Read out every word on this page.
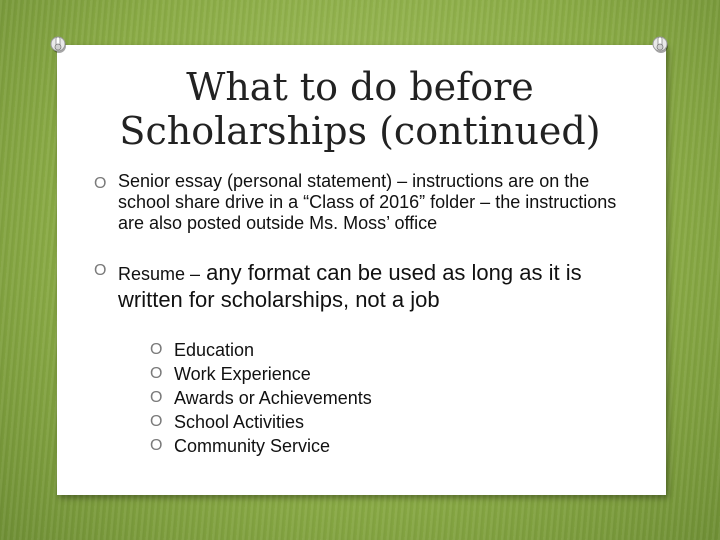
What to do before
Scholarships (continued)
O Senior essay (personal statement) – instructions are on the school share drive in a “Class of 2016” folder – the instructions are also posted outside Ms. Moss’ office
O Resume – any format can be used as long as it is written for scholarships, not a job
O Education
O Work Experience
O Awards or Achievements
O School Activities
O Community Service
